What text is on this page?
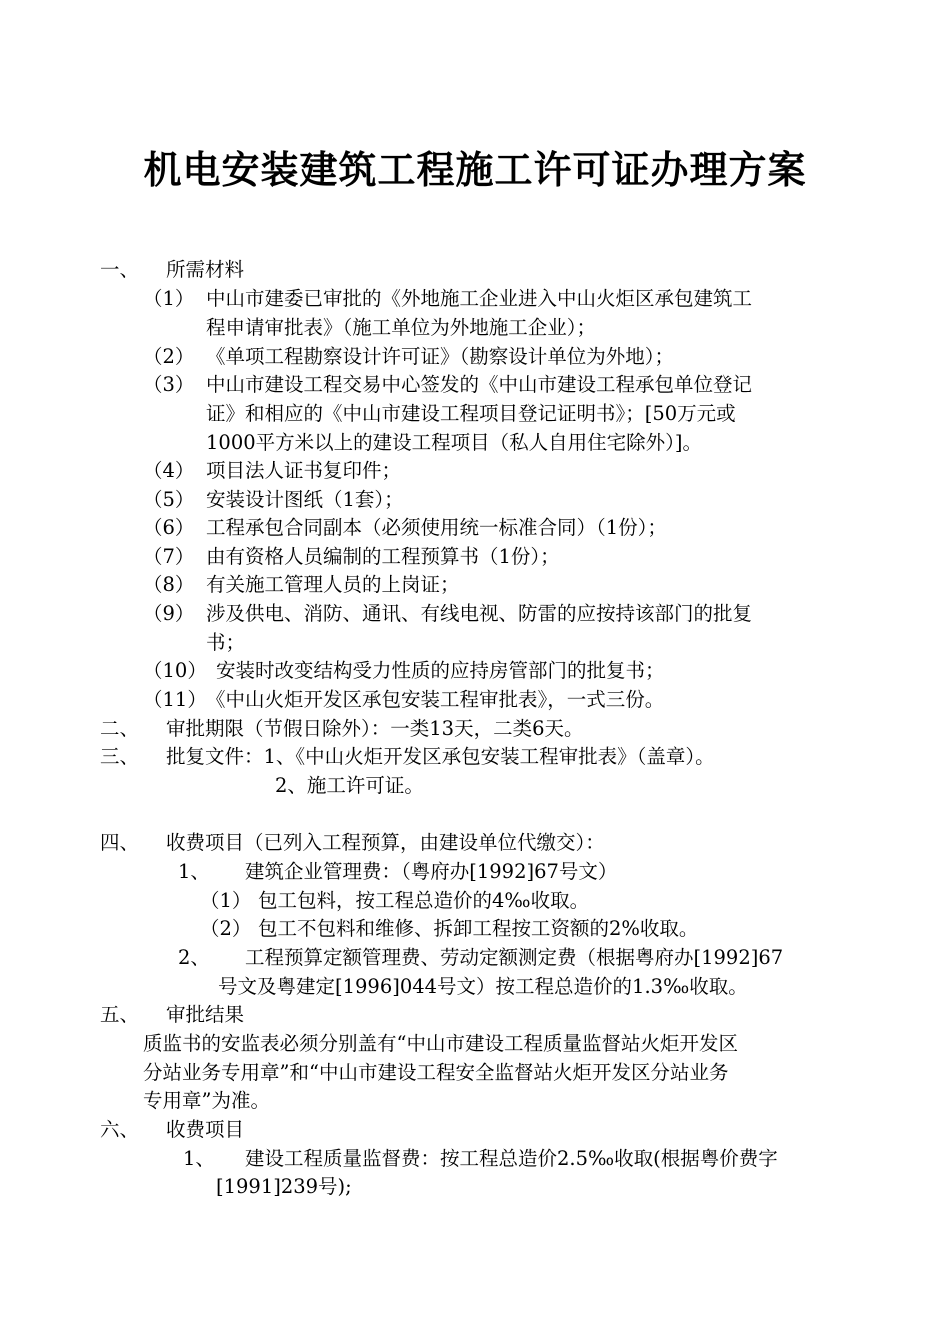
机电安装建筑工程施工许可证办理方案
一、 所需材料
（1） 中山市建委已审批的《外地施工企业进入中山火炬区承包建筑工
程申请审批表》（施工单位为外地施工企业）；
（2） 《单项工程勘察设计许可证》（勘察设计单位为外地）；
（3） 中山市建设工程交易中心签发的《中山市建设工程承包单位登记
证》和相应的《中山市建设工程项目登记证明书》；[50万元或
1000平方米以上的建设工程项目（私人自用住宅除外）]。
（4） 项目法人证书复印件；
（5） 安装设计图纸（1套）；
（6） 工程承包合同副本（必须使用统一标准合同）（1份）；
（7） 由有资格人员编制的工程预算书（1份）；
（8） 有关施工管理人员的上岗证；
（9） 涉及供电、消防、通讯、有线电视、防雷的应按持该部门的批复
书；
（10） 安装时改变结构受力性质的应持房管部门的批复书；
（11） 《中山火炬开发区承包安装工程审批表》，一式三份。
二、 审批期限（节假日除外）：一类13天，二类6天。
三、 批复文件：1、《中山火炬开发区承包安装工程审批表》（盖章）。
2、施工许可证。
四、 收费项目（已列入工程预算，由建设单位代缴交）：
1、 建筑企业管理费：（粤府办[1992]67号文）
（1） 包工包料，按工程总造价的4‰收取。
（2） 包工不包料和维修、拆卸工程按工资额的2%收取。
2、 工程预算定额管理费、劳动定额测定费（根据粤府办[1992]67
号文及粤建定[1996]044号文）按工程总造价的1.3‰收取。
五、 审批结果
质监书的安监表必须分别盖有“中山市建设工程质量监督站火炬开发区
分站业务专用章”和“中山市建设工程安全监督站火炬开发区分站业务
专用章”为准。
六、 收费项目
1、 建设工程质量监督费：按工程总造价2.5‰收取(根据粤价费字
[1991]239号);
